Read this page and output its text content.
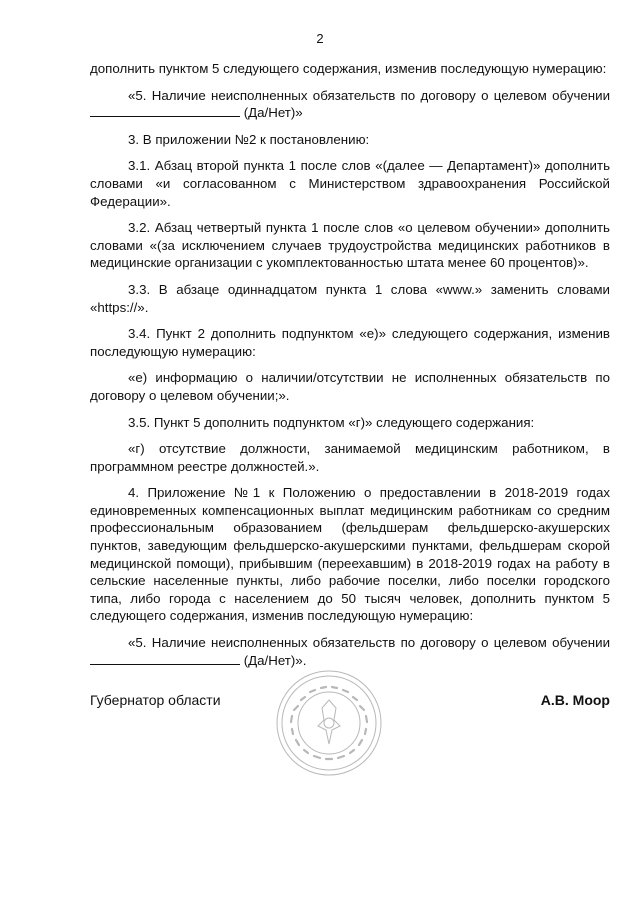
2

дополнить пунктом 5 следующего содержания, изменив последующую нумерацию:

«5. Наличие неисполненных обязательств по договору о целевом обучении  (Да/Нет)»

3. В приложении №2 к постановлению:

3.1. Абзац второй пункта 1 после слов «(далее — Департамент)» дополнить словами «и согласованном с Министерством здравоохранения Российской Федерации».

3.2. Абзац четвертый пункта 1 после слов «о целевом обучении» дополнить словами «(за исключением случаев трудоустройства медицинских работников в медицинские организации с укомплектованностью штата менее 60 процентов)».

3.3. В абзаце одиннадцатом пункта 1 слова «www.» заменить словами «https://».

3.4. Пункт 2 дополнить подпунктом «е)» следующего содержания, изменив последующую нумерацию:

«е) информацию о наличии/отсутствии не исполненных обязательств по договору о целевом обучении;».

3.5. Пункт 5 дополнить подпунктом «г)» следующего содержания:

«г) отсутствие должности, занимаемой медицинским работником, в программном реестре должностей.».

4. Приложение №1 к Положению о предоставлении в 2018-2019 годах единовременных компенсационных выплат медицинским работникам со средним профессиональным образованием (фельдшерам фельдшерско-акушерских пунктов, заведующим фельдшерско-акушерскими пунктами, фельдшерам скорой медицинской помощи), прибывшим (переехавшим) в 2018-2019 годах на работу в сельские населенные пункты, либо рабочие поселки, либо поселки городского типа, либо города с населением до 50 тысяч человек, дополнить пунктом 5 следующего содержания, изменив последующую нумерацию:

«5. Наличие неисполненных обязательств по договору о целевом обучении  (Да/Нет)».

Губернатор области	А.В. Моор
